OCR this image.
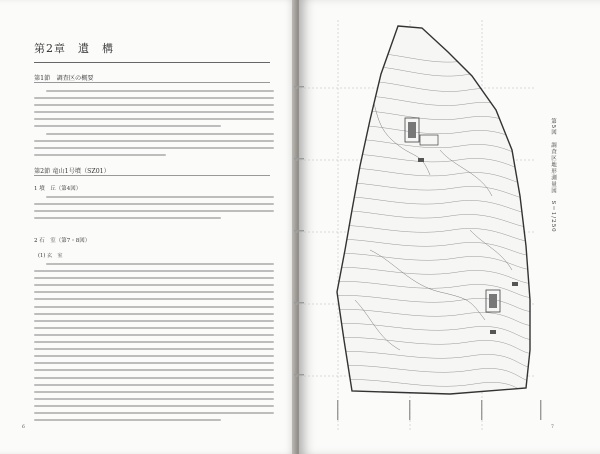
第2章　遺　構
第1節　調査区の概要
第2節 竜山1号墳（SZ01）
1 墳　丘（第4図）
2 石　室（第7・8図）
(1) 玄　室
6	7
第5図　調査区地形測量図　S＝1/250
